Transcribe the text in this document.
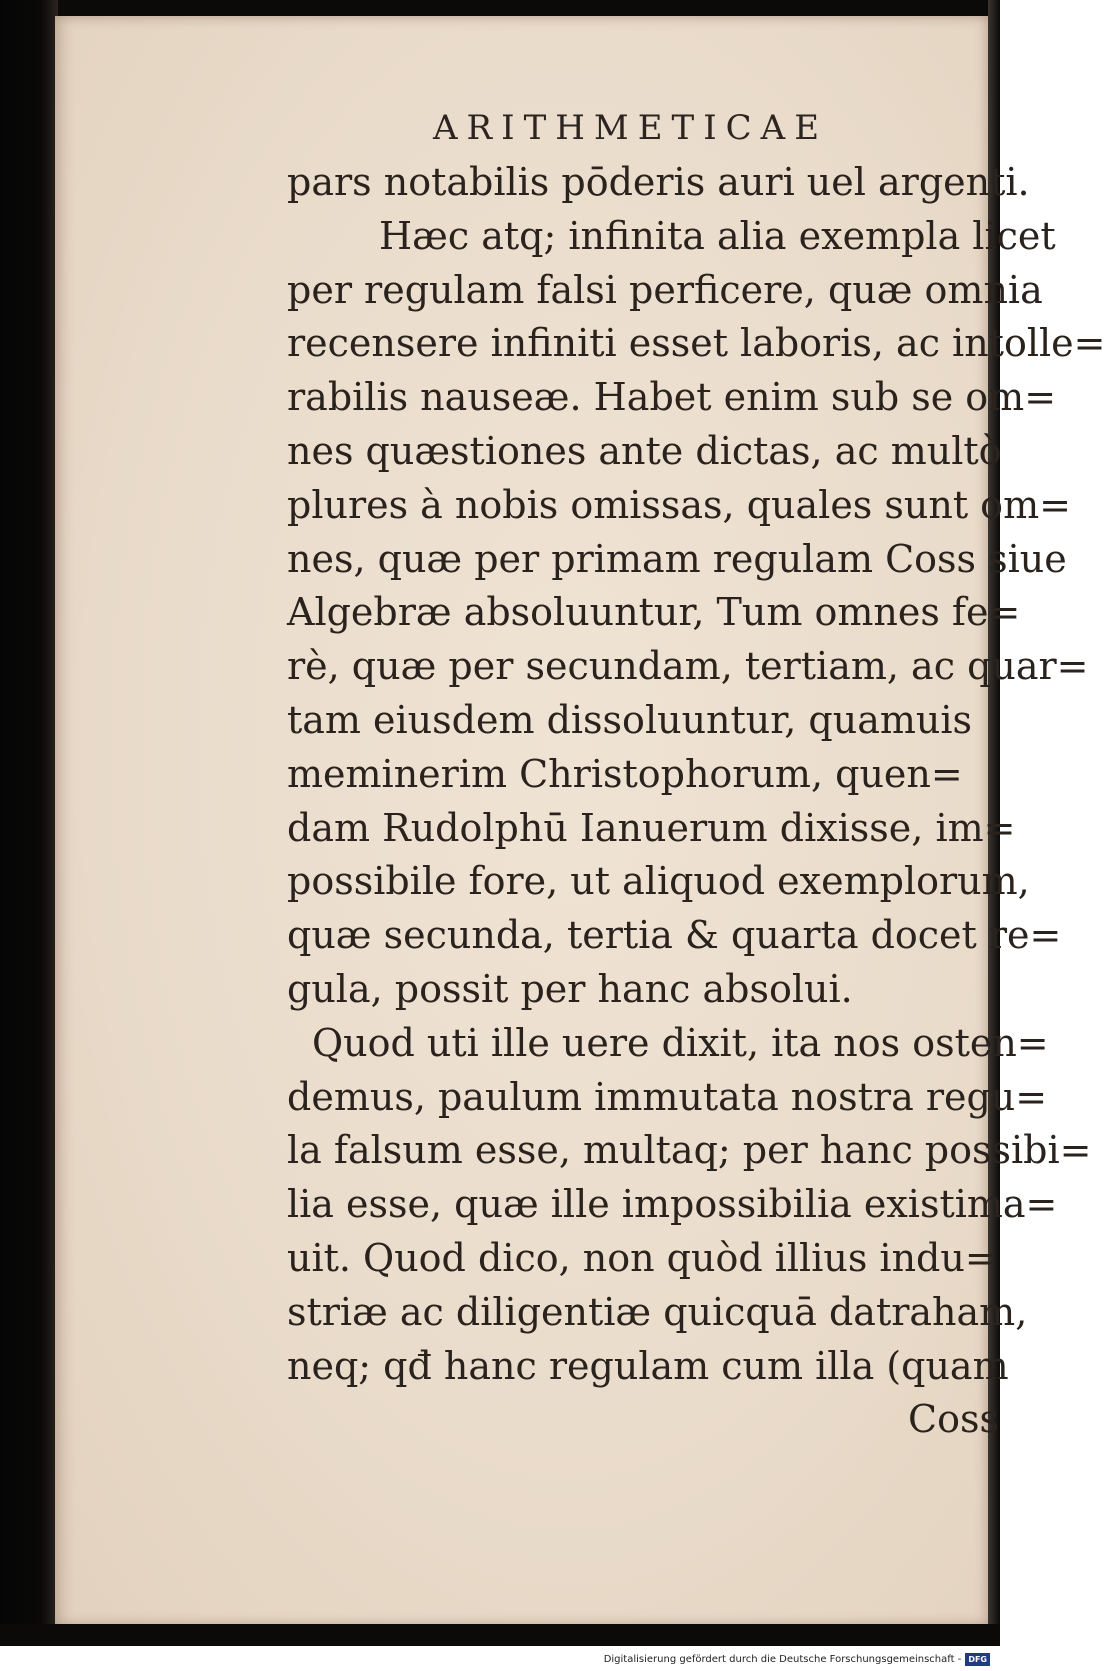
ARITHMETICAE
pars notabilis pōderis auri uel argenti.
Hæc atq; infinita alia exempla licet
per regulam falsi perficere, quæ omnia
recensere infiniti esset laboris, ac intolle=
rabilis nauseæ. Habet enim sub se om=
nes quæstiones ante dictas, ac multò
plures à nobis omissas, quales sunt om=
nes, quæ per primam regulam Coss siue
Algebræ absoluuntur, Tum omnes fe=
rè, quæ per secundam, tertiam, ac quar=
tam eiusdem dissoluuntur, quamuis
meminerim Christophorum, quen=
dam Rudolphū Ianuerum dixisse, im=
possibile fore, ut aliquod exemplorum,
quæ secunda, tertia & quarta docet re=
gula, possit per hanc absolui.
Quod uti ille uere dixit, ita nos osten=
demus, paulum immutata nostra regu=
la falsum esse, multaq; per hanc possibi=
lia esse, quæ ille impossibilia existima=
uit. Quod dico, non quòd illius indu=
striæ ac diligentiæ quicquā datraham,
neq; qđ hanc regulam cum illa (quam
Coss
Digitalisierung gefördert durch die Deutsche Forschungsgemeinschaft - DFG
